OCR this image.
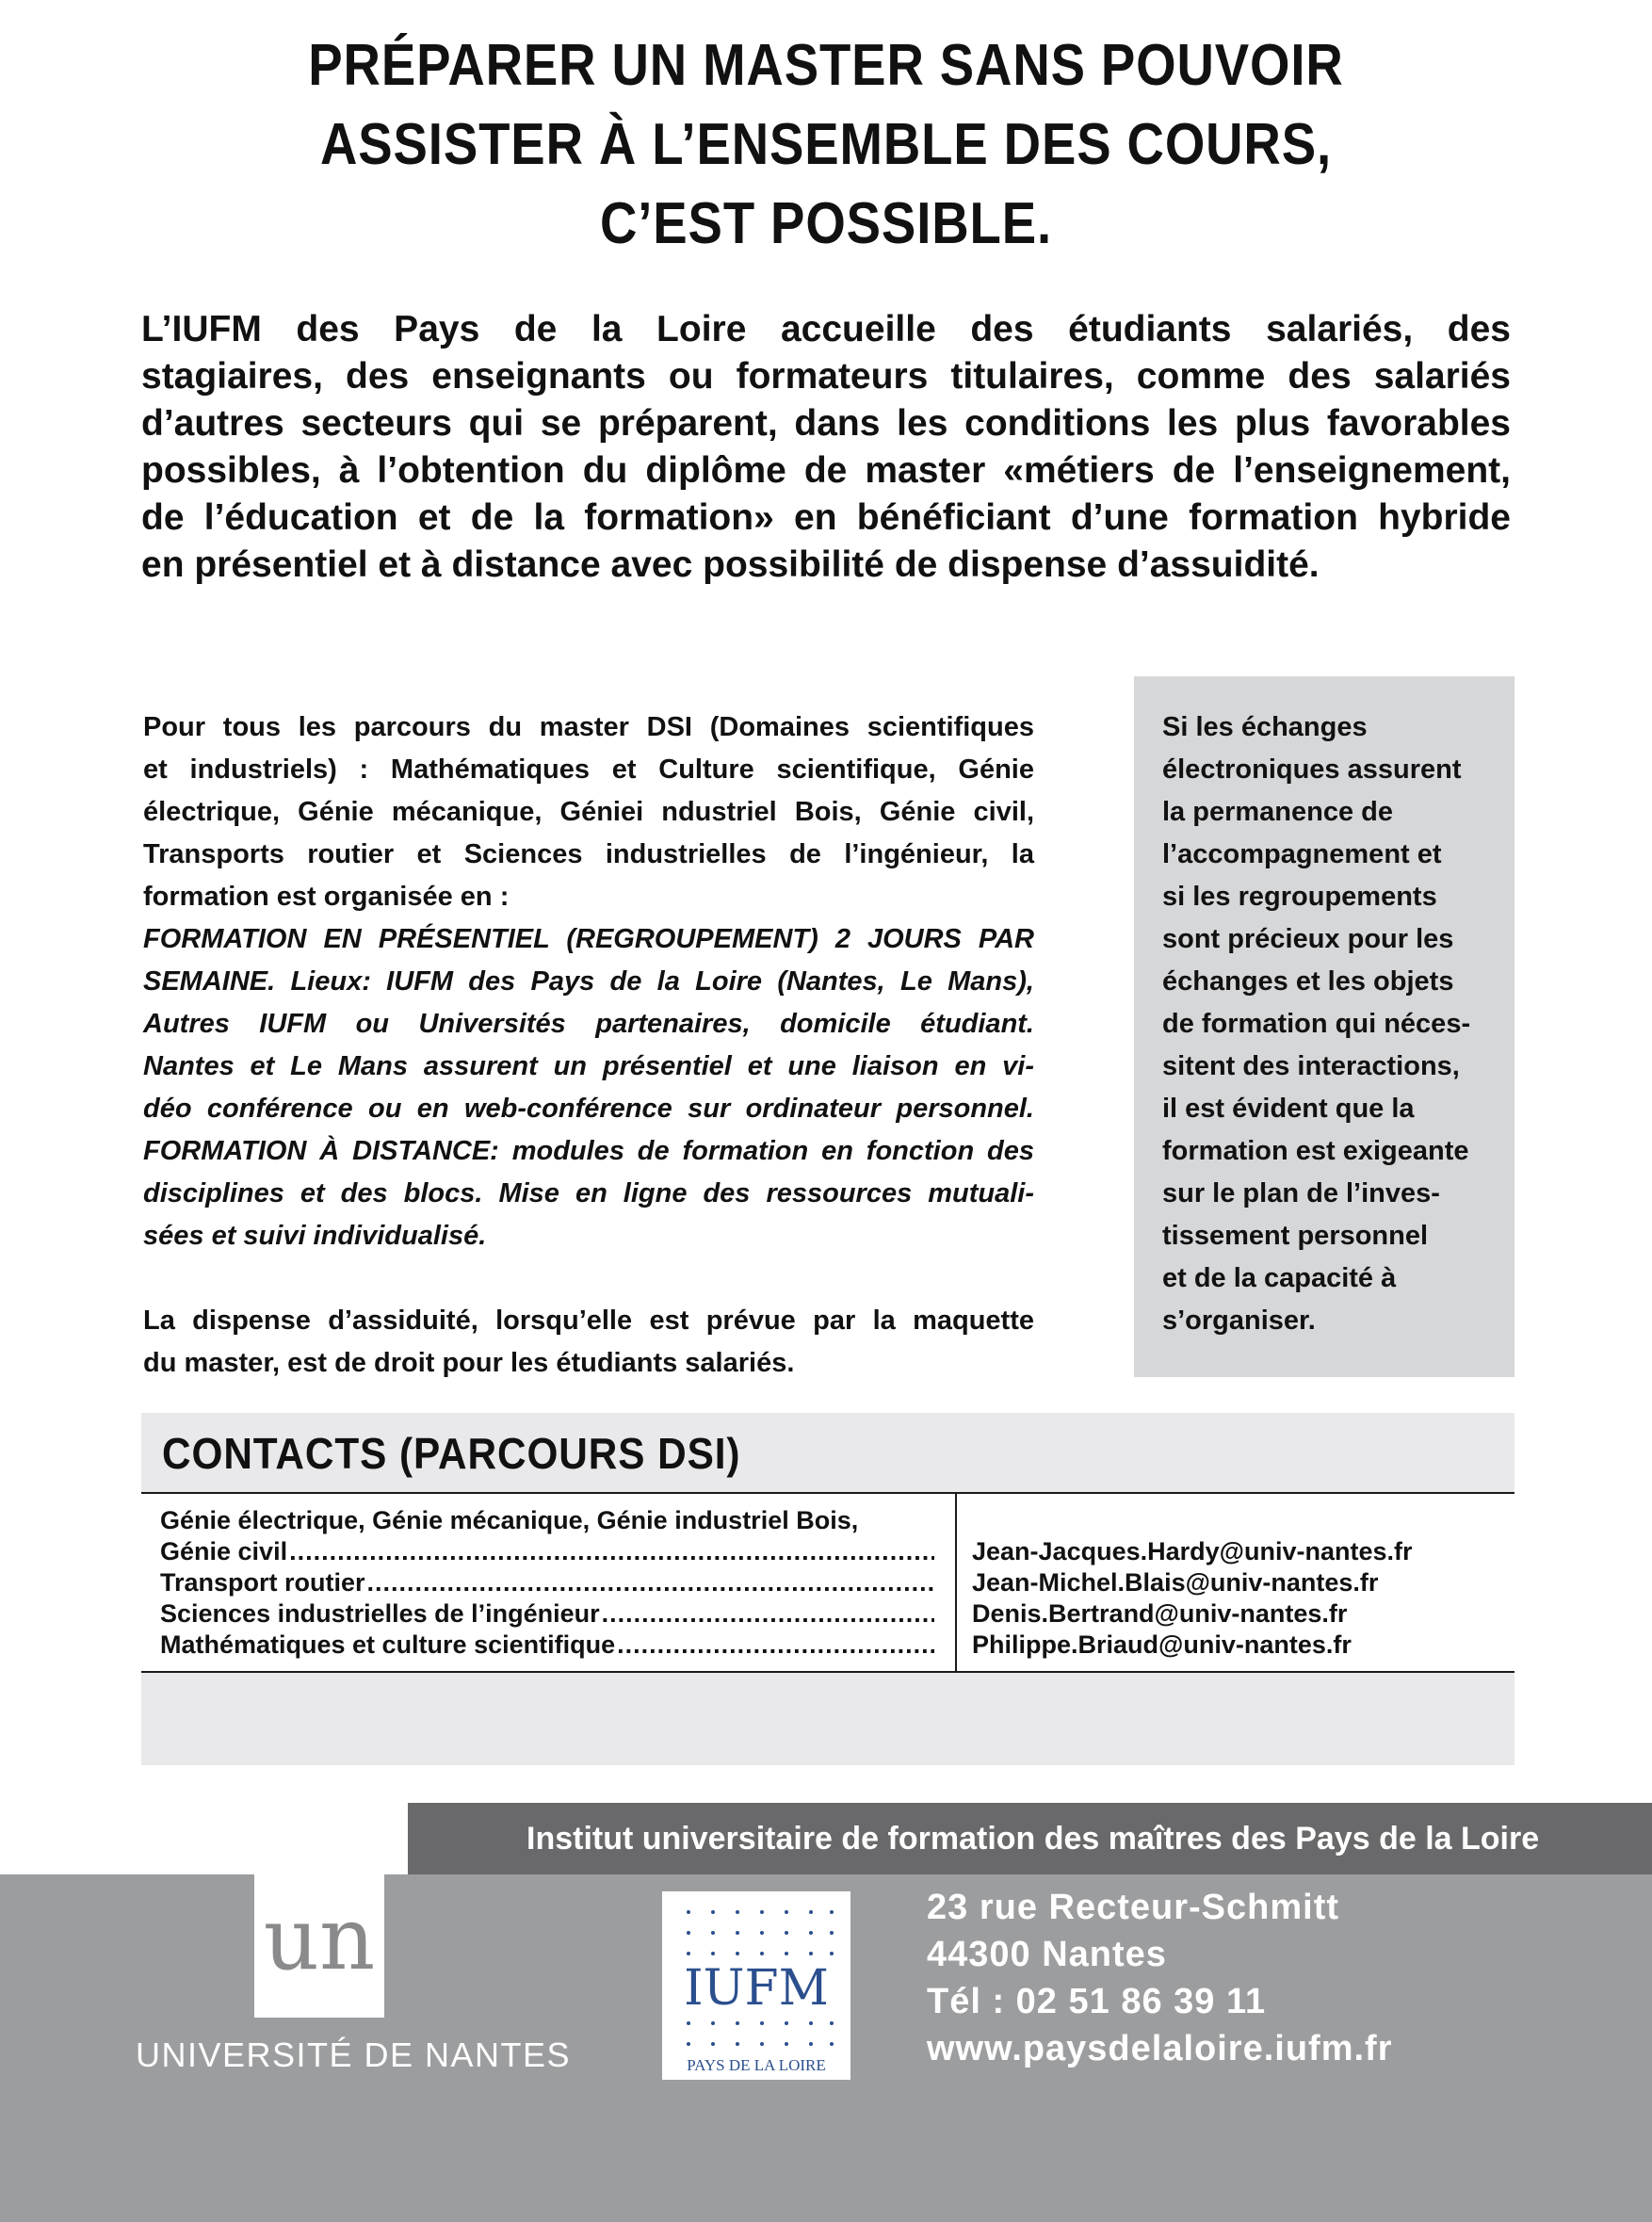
PRÉPARER UN MASTER SANS POUVOIR
ASSISTER À L’ENSEMBLE DES COURS,
C’EST POSSIBLE.
L’IUFM des Pays de la Loire accueille des étudiants salariés, des
stagiaires, des enseignants ou formateurs titulaires, comme des salariés
d’autres secteurs qui se préparent, dans les conditions les plus favorables
possibles, à l’obtention du diplôme de master «métiers de l’enseignement,
de l’éducation et de la formation» en bénéficiant d’une formation hybride
en présentiel et à distance avec possibilité de dispense d’assuidité.

Pour tous les parcours du master DSI (Domaines scientifiques
et industriels) : Mathématiques et Culture scientifique, Génie
électrique, Génie mécanique, Géniei ndustriel Bois, Génie civil,
Transports routier et Sciences industrielles de l’ingénieur, la
formation est organisée en :

FORMATION EN PRÉSENTIEL (REGROUPEMENT) 2 JOURS PAR
SEMAINE. Lieux: IUFM des Pays de la Loire (Nantes, Le Mans),
Autres IUFM ou Universités partenaires, domicile étudiant.
Nantes et Le Mans assurent un présentiel et une liaison en vi-
déo conférence ou en web-conférence sur ordinateur personnel.
FORMATION À DISTANCE: modules de formation en fonction des
disciplines et des blocs. Mise en ligne des ressources mutuali-
sées et suivi individualisé.

La dispense d’assiduité, lorsqu’elle est prévue par la maquette
du master, est de droit pour les étudiants salariés.

Si les échanges
électroniques assurent
la permanence de
l’accompagnement et
si les regroupements
sont précieux pour les
échanges et les objets
de formation qui néces-
sitent des interactions,
il est évident que la
formation est exigeante
sur le plan de l’inves-
tissement personnel
et de la capacité à
s’organiser.
CONTACTS (PARCOURS DSI)
Génie électrique, Génie mécanique, Génie industriel Bois,
Génie civil
.....
Transport routier
.....
Sciences industrielles de l’ingénieur
.....
Mathématiques et culture scientifique
.....
Jean-Jacques.Hardy@univ-nantes.fr
Jean-Michel.Blais@univ-nantes.fr
Denis.Bertrand@univ-nantes.fr
Philippe.Briaud@univ-nantes.fr
Institut universitaire de formation des maîtres des Pays de la Loire
un

UNIVERSITÉ DE NANTES

IUFM
PAYS DE LA LOIRE
23 rue Recteur-Schmitt
44300 Nantes
Tél : 02 51 86 39 11
www.paysdelaloire.iufm.fr
